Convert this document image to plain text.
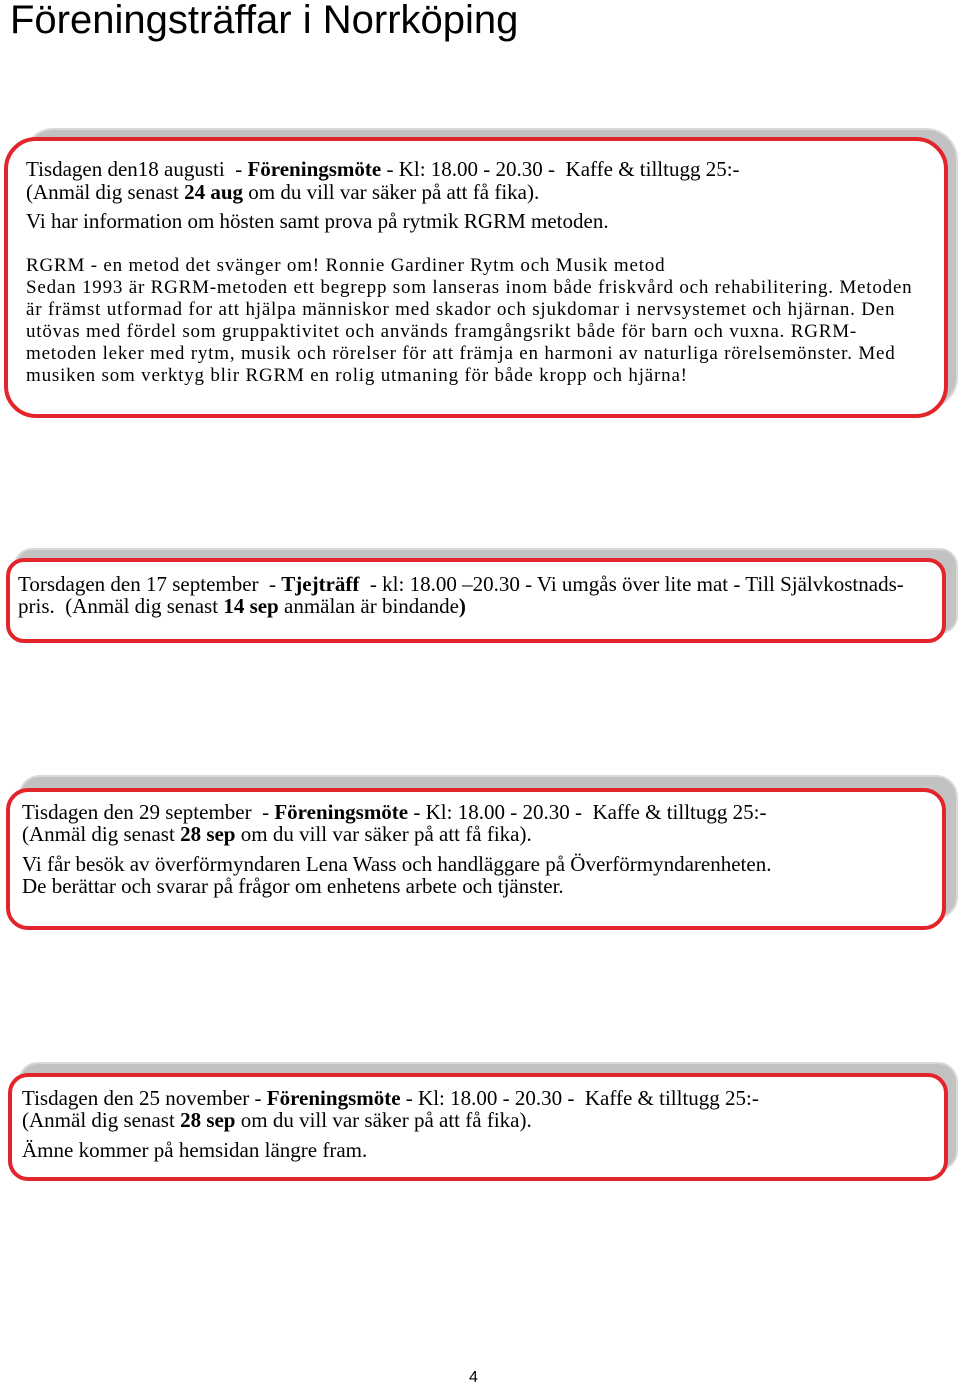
Föreningsträffar i Norrköping
Tisdagen den18 augusti  - Föreningsmöte - Kl: 18.00 - 20.30 -  Kaffe & tilltugg 25:-
(Anmäl dig senast 24 aug om du vill var säker på att få fika).
Vi har information om hösten samt prova på rytmik RGRM metoden.
RGRM - en metod det svänger om! Ronnie Gardiner Rytm och Musik metod
Sedan 1993 är RGRM-metoden ett begrepp som lanseras inom både friskvård och rehabilitering. Metoden
är främst utformad for att hjälpa människor med skador och sjukdomar i nervsystemet och hjärnan. Den
utövas med fördel som gruppaktivitet och används framgångsrikt både för barn och vuxna. RGRM-
metoden leker med rytm, musik och rörelser för att främja en harmoni av naturliga rörelsemönster. Med
musiken som verktyg blir RGRM en rolig utmaning för både kropp och hjärna!
Torsdagen den 17 september  - Tjejträff  - kl: 18.00 –20.30 - Vi umgås över lite mat - Till Självkostnads-
pris.  (Anmäl dig senast 14 sep anmälan är bindande)
Tisdagen den 29 september  - Föreningsmöte - Kl: 18.00 - 20.30 -  Kaffe & tilltugg 25:-
(Anmäl dig senast 28 sep om du vill var säker på att få fika).
Vi får besök av överförmyndaren Lena Wass och handläggare på Överförmyndarenheten.
De berättar och svarar på frågor om enhetens arbete och tjänster.
Tisdagen den 25 november - Föreningsmöte - Kl: 18.00 - 20.30 -  Kaffe & tilltugg 25:-
(Anmäl dig senast 28 sep om du vill var säker på att få fika).
Ämne kommer på hemsidan längre fram.
4
